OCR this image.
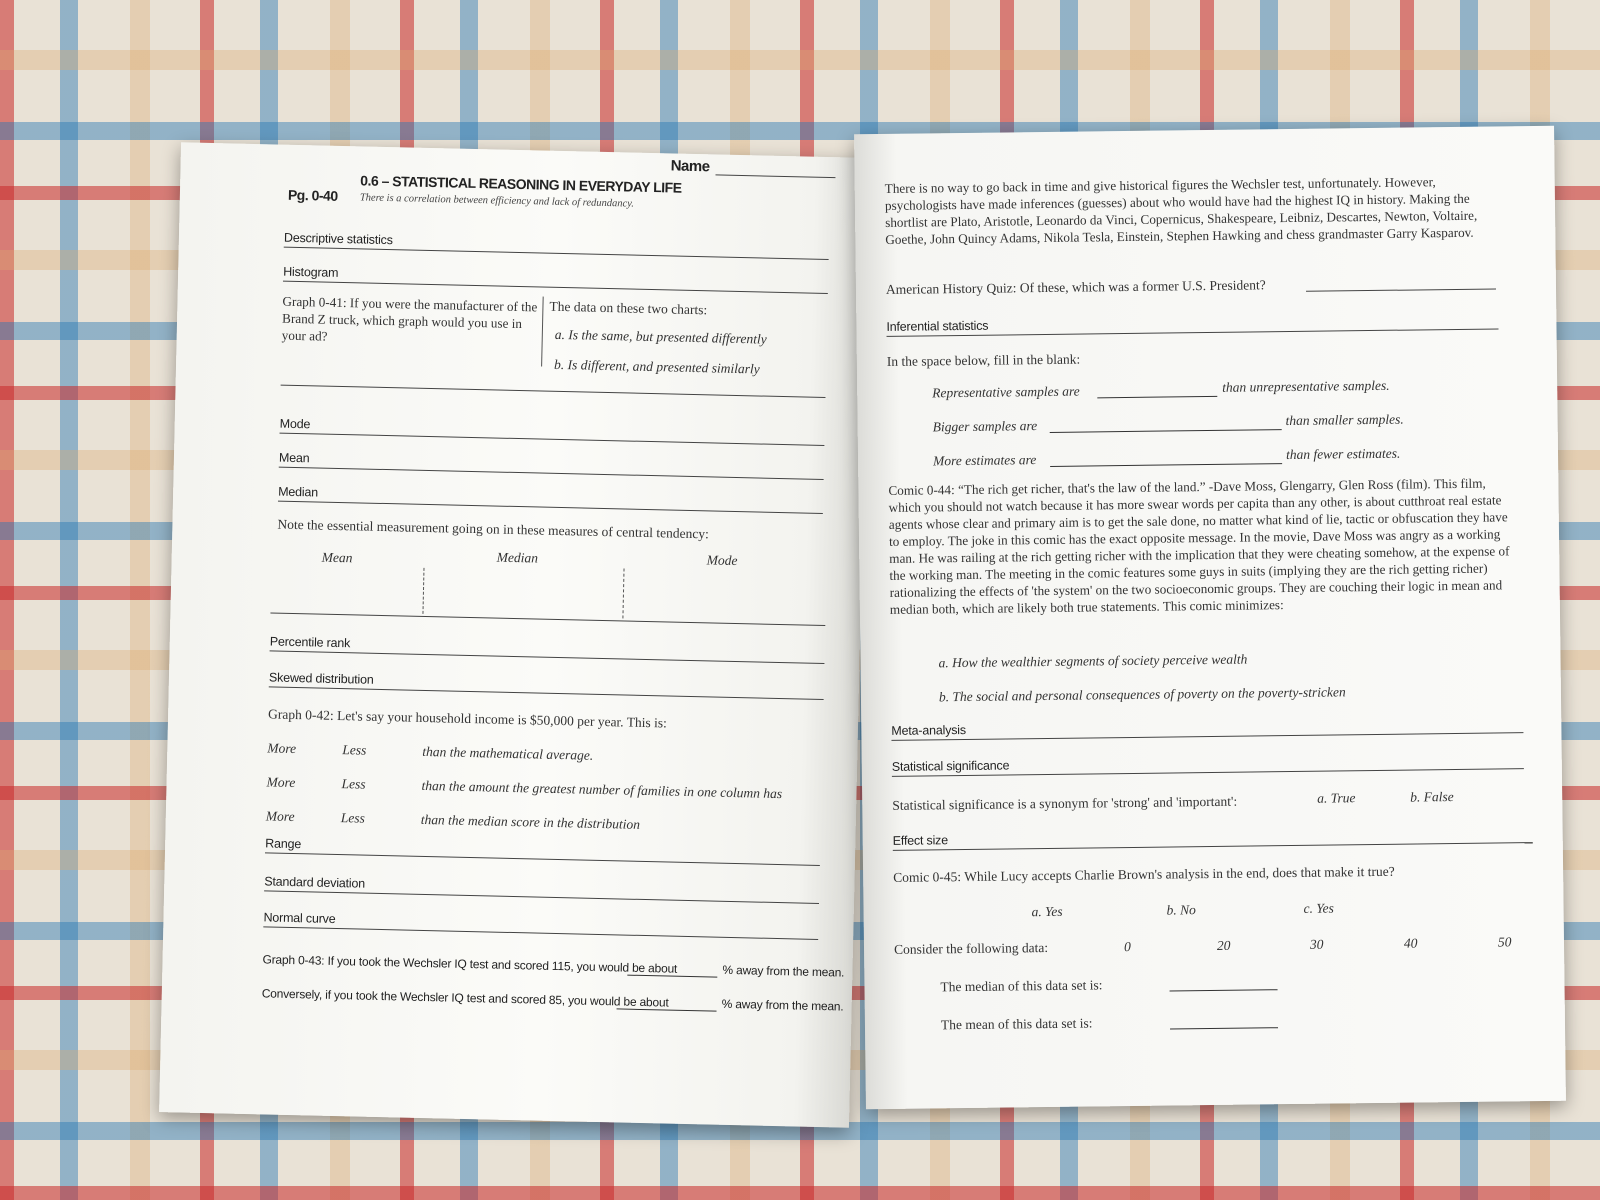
Pg. 0-40 0.6 – STATISTICAL REASONING IN EVERYDAY LIFE
There is a correlation between efficiency and lack of redundancy.
Name
Descriptive statistics
Histogram
Graph 0-41: If you were the manufacturer of the Brand Z truck, which graph would you use in your ad?
The data on these two charts:
a. Is the same, but presented differently
b. Is different, and presented similarly
Mode
Mean
Median
Note the essential measurement going on in these measures of central tendency:
Mean	Median	Mode
Percentile rank
Skewed distribution
Graph 0-42: Let's say your household income is $50,000 per year. This is:
More	Less	than the mathematical average.
More	Less	than the amount the greatest number of families in one column has
More	Less	than the median score in the distribution
Range
Standard deviation
Normal curve
Graph 0-43: If you took the Wechsler IQ test and scored 115, you would be about	% away from the mean.
Conversely, if you took the Wechsler IQ test and scored 85, you would be about	% away from the mean.
There is no way to go back in time and give historical figures the Wechsler test, unfortunately. However, psychologists have made inferences (guesses) about who would have had the highest IQ in history. Making the shortlist are Plato, Aristotle, Leonardo da Vinci, Copernicus, Shakespeare, Leibniz, Descartes, Newton, Voltaire, Goethe, John Quincy Adams, Nikola Tesla, Einstein, Stephen Hawking and chess grandmaster Garry Kasparov.
American History Quiz: Of these, which was a former U.S. President?
Inferential statistics
In the space below, fill in the blank:
Representative samples are	than unrepresentative samples.
Bigger samples are	than smaller samples.
More estimates are	than fewer estimates.
Comic 0-44: “The rich get richer, that's the law of the land.” -Dave Moss, Glengarry, Glen Ross (film). This film, which you should not watch because it has more swear words per capita than any other, is about cutthroat real estate agents whose clear and primary aim is to get the sale done, no matter what kind of lie, tactic or obfuscation they have to employ. The joke in this comic has the exact opposite message. In the movie, Dave Moss was angry as a working man. He was railing at the rich getting richer with the implication that they were cheating somehow, at the expense of the working man. The meeting in the comic features some guys in suits (implying they are the rich getting richer) rationalizing the effects of 'the system' on the two socioeconomic groups. They are couching their logic in mean and median both, which are likely both true statements. This comic minimizes:
a. How the wealthier segments of society perceive wealth
b. The social and personal consequences of poverty on the poverty-stricken
Meta-analysis
Statistical significance
Statistical significance is a synonym for 'strong' and 'important':	a. True	b. False
Effect size
Comic 0-45: While Lucy accepts Charlie Brown's analysis in the end, does that make it true?
a. Yes	b. No	c. Yes
Consider the following data:	0	20	30	40	50
The median of this data set is:
The mean of this data set is:
